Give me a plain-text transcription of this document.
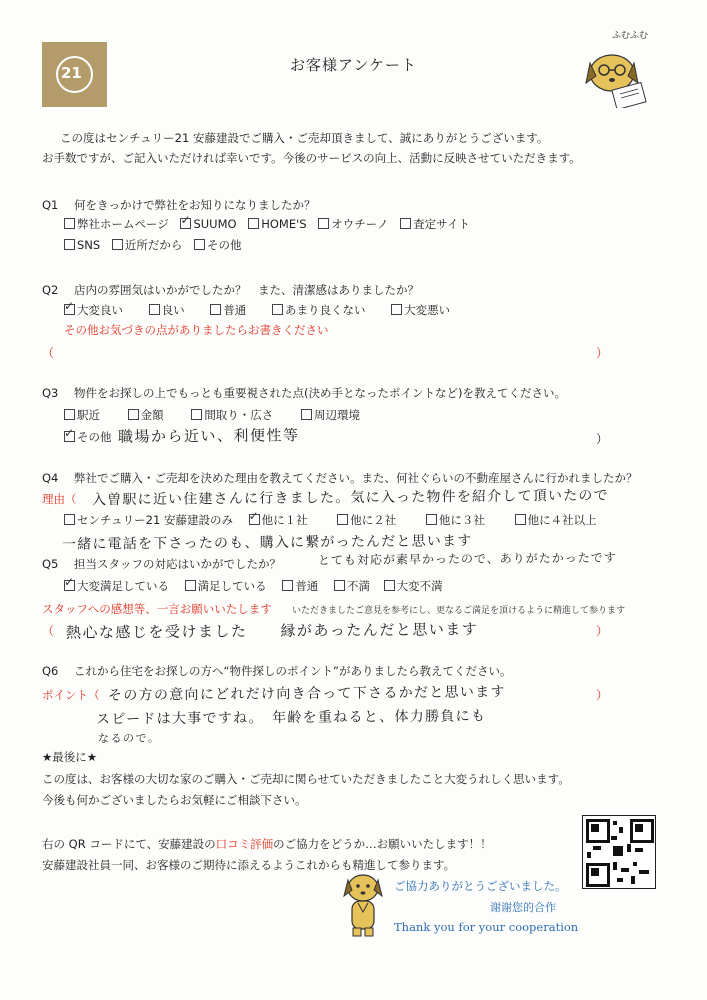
21	お客様アンケート
ふむふむ
この度はセンチュリー21 安藤建設でご購入・ご売却頂きまして、誠にありがとうございます。
お手数ですが、ご記入いただければ幸いです。今後のサービスの向上、活動に反映させていただきます。
Q1 何をきっかけで弊社をお知りになりましたか？
弊社ホームページ ✓ SUUMO HOME'S オウチーノ 査定サイト
SNS 近所だから その他
Q2 店内の雰囲気はいかがでしたか？　また、清潔感はありましたか？
✓大変良い	良い	普通	あまり良くない	大変悪い
その他お気づきの点がありましたらお書きください
（	）
Q3 物件をお探しの上でもっとも重要視された点(決め手となったポイントなど)を教えてください。
駅近	金額	間取り・広さ	周辺環境
✓その他 職場から近い、利便性等	）
Q4 弊社でご購入・ご売却を決めた理由を教えてください。また、何社ぐらいの不動産屋さんに行かれましたか？
理由（ 入曽駅に近い住建さんに行きました。気に入った物件を紹介して頂いたので
センチュリー21 安藤建設のみ ✓ 他に１社	他に２社	他に３社	他に４社以上
一緒に電話を下さったのも、購入に繋がったんだと思います
Q5 担当スタッフの対応はいかがでしたか？	とても対応が素早かったので、ありがたかったです
✓大変満足している 満足している 普通 不満 大変不満
スタッフへの感想等、一言お願いいたします いただきましたご意見を参考にし、更なるご満足を頂けるように精進して参ります
（ 熱心な感じを受けました　　縁があったんだと思います	）
Q6 これから住宅をお探しの方へ“物件探しのポイント”がありましたら教えてください。
ポイント（ その方の意向にどれだけ向き合って下さるかだと思います	）
スピードは大事ですね。　年齢を重ねると、体力勝負にも
なるので。
★最後に★
この度は、お客様の大切な家のご購入・ご売却に関らせていただきましたこと大変うれしく思います。
今後も何かございましたらお気軽にご相談下さい。
右の QR コードにて、安藤建設の口コミ評価のご協力をどうか…お願いいたします！！
安藤建設社員一同、お客様のご期待に添えるようこれからも精進して参ります。
ご協力ありがとうございました。
谢谢您的合作
Thank you for your cooperation
